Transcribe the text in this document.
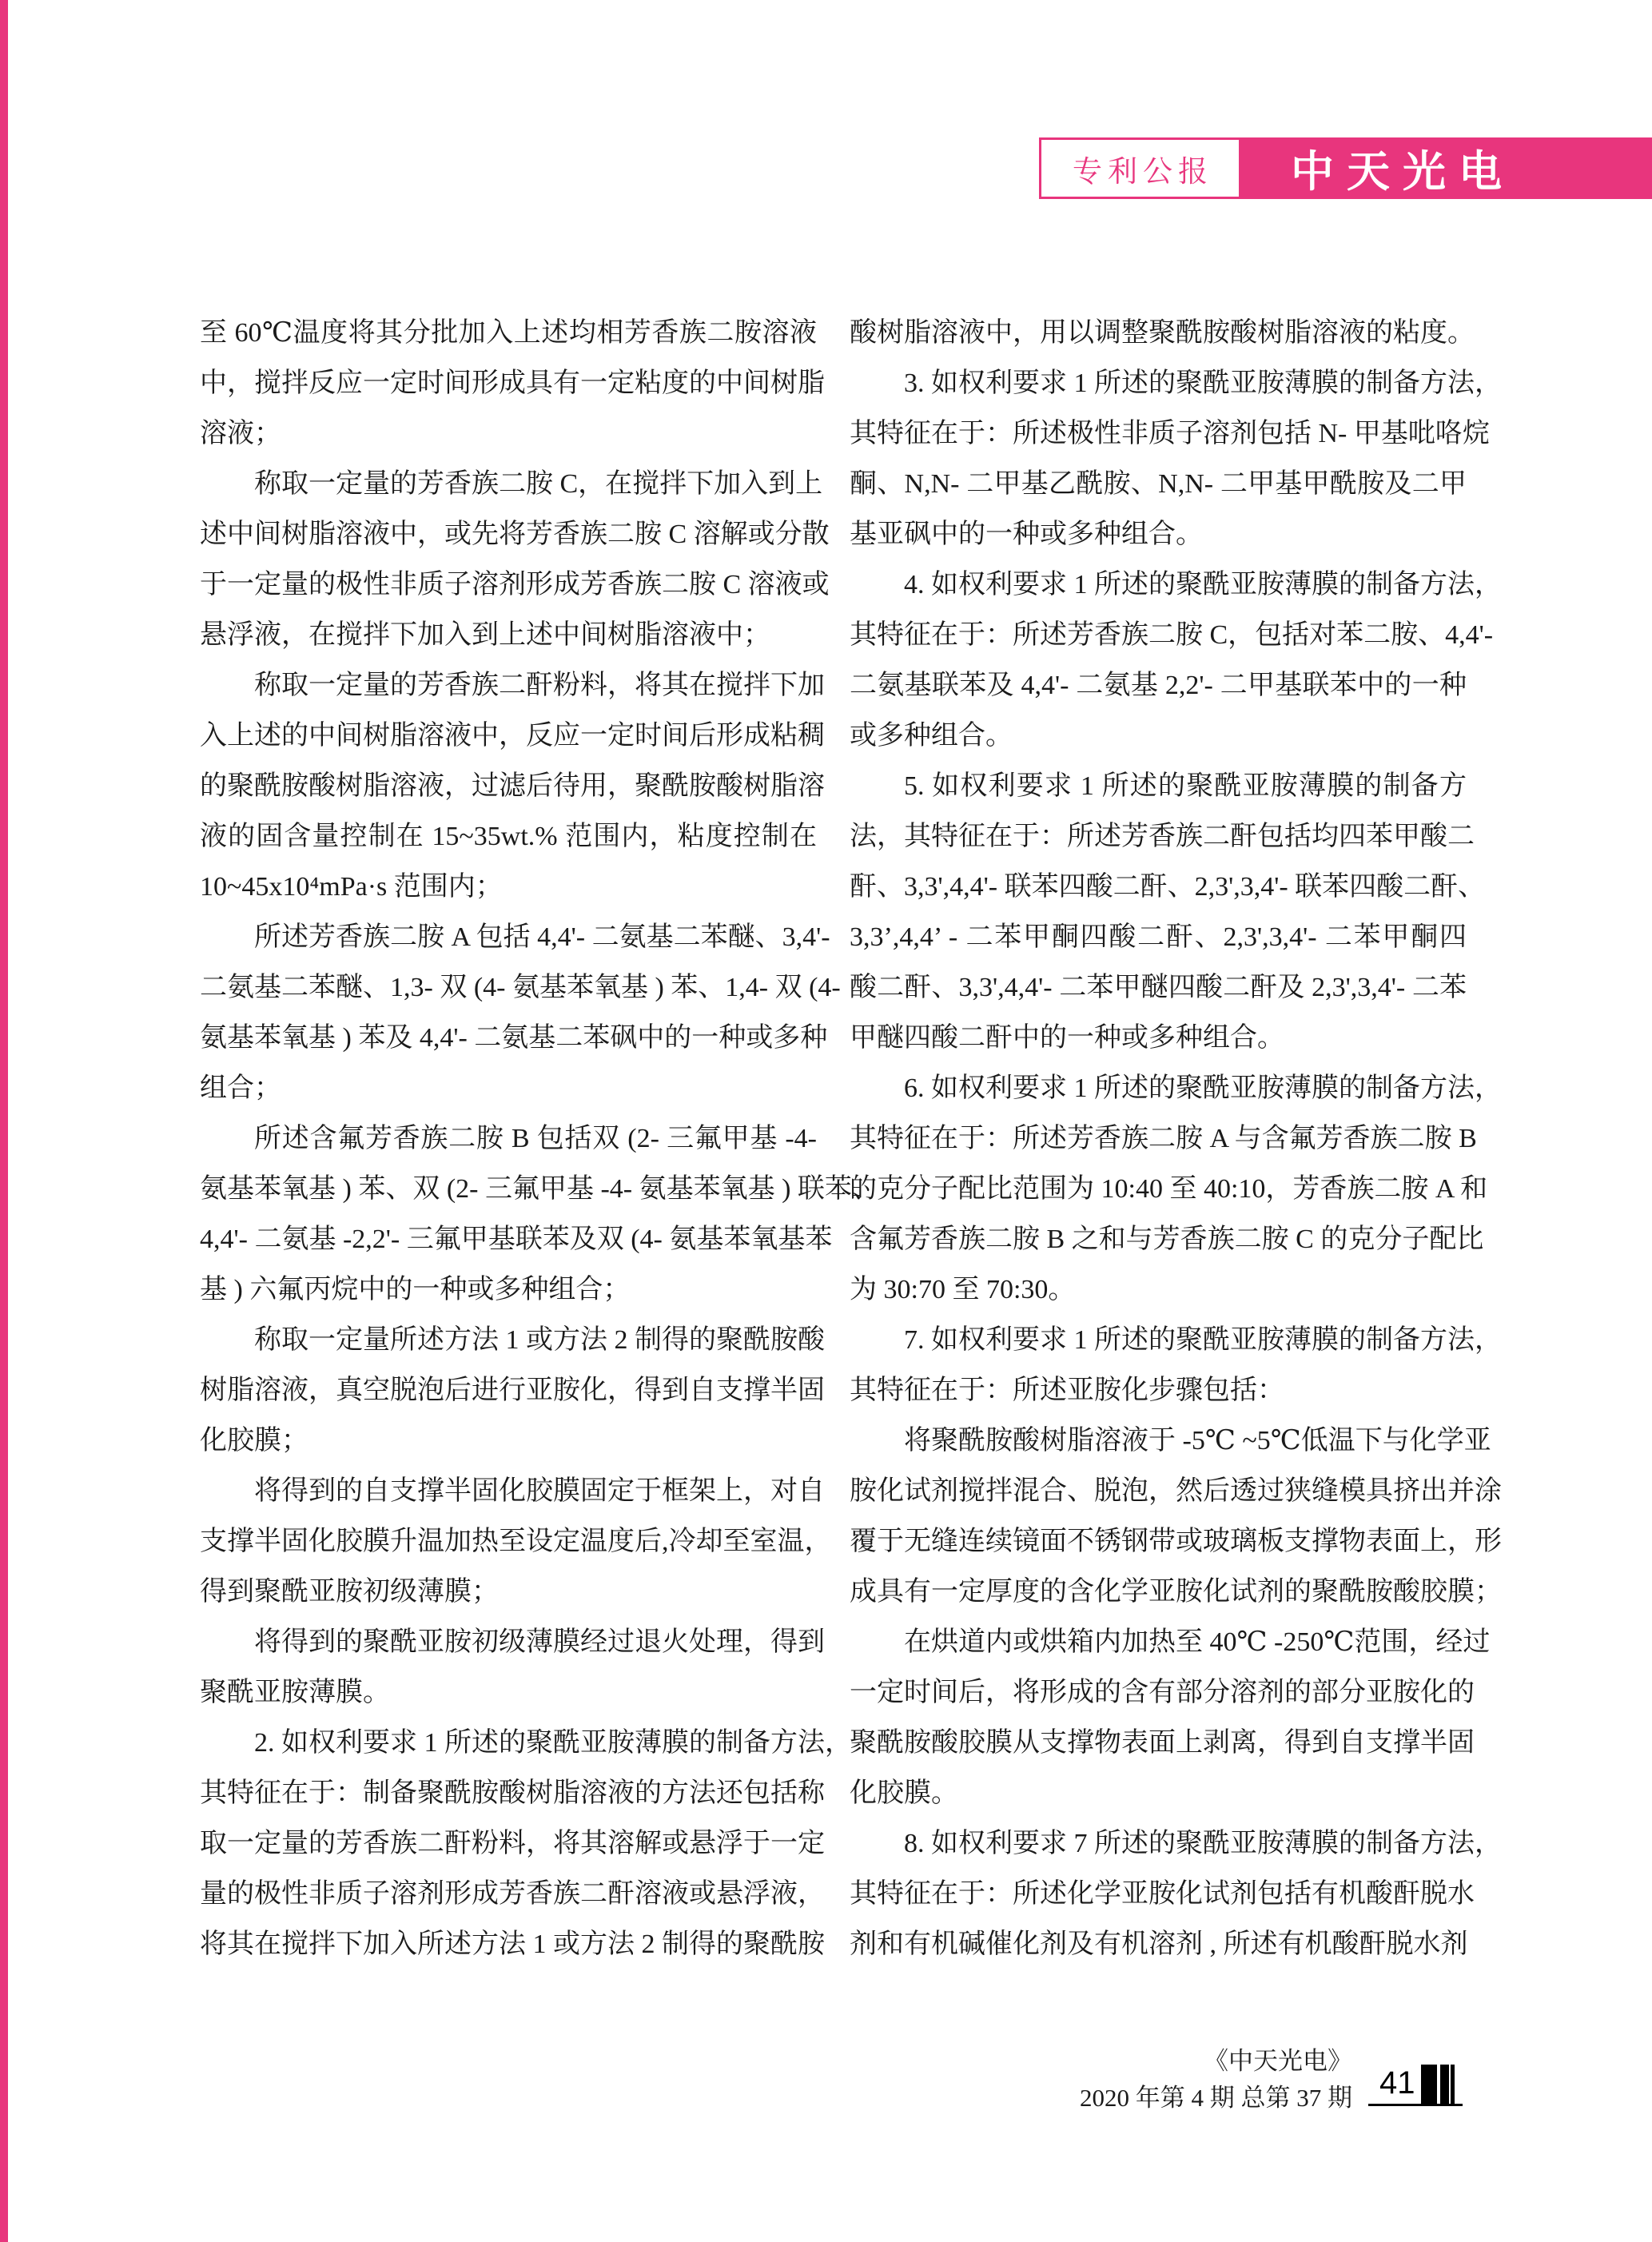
专利公报	中天光电
至 60℃温度将其分批加入上述均相芳香族二胺溶液
中，搅拌反应一定时间形成具有一定粘度的中间树脂
溶液；
称取一定量的芳香族二胺 C，在搅拌下加入到上
述中间树脂溶液中，或先将芳香族二胺 C 溶解或分散
于一定量的极性非质子溶剂形成芳香族二胺 C 溶液或
悬浮液，在搅拌下加入到上述中间树脂溶液中；
称取一定量的芳香族二酐粉料，将其在搅拌下加
入上述的中间树脂溶液中，反应一定时间后形成粘稠
的聚酰胺酸树脂溶液，过滤后待用，聚酰胺酸树脂溶
液的固含量控制在 15~35wt.% 范围内，粘度控制在
10~45x10⁴mPa·s 范围内；
所述芳香族二胺 A 包括 4,4'- 二氨基二苯醚、3,4'-
二氨基二苯醚、1,3- 双 (4- 氨基苯氧基 ) 苯、1,4- 双 (4-
氨基苯氧基 ) 苯及 4,4'- 二氨基二苯砜中的一种或多种
组合；
所述含氟芳香族二胺 B 包括双 (2- 三氟甲基 -4-
氨基苯氧基 ) 苯、双 (2- 三氟甲基 -4- 氨基苯氧基 ) 联苯、
4,4'- 二氨基 -2,2'- 三氟甲基联苯及双 (4- 氨基苯氧基苯
基 ) 六氟丙烷中的一种或多种组合；
称取一定量所述方法 1 或方法 2 制得的聚酰胺酸
树脂溶液，真空脱泡后进行亚胺化，得到自支撑半固
化胶膜；
将得到的自支撑半固化胶膜固定于框架上，对自
支撑半固化胶膜升温加热至设定温度后,冷却至室温，
得到聚酰亚胺初级薄膜；
将得到的聚酰亚胺初级薄膜经过退火处理，得到
聚酰亚胺薄膜。
2. 如权利要求 1 所述的聚酰亚胺薄膜的制备方法，
其特征在于：制备聚酰胺酸树脂溶液的方法还包括称
取一定量的芳香族二酐粉料，将其溶解或悬浮于一定
量的极性非质子溶剂形成芳香族二酐溶液或悬浮液，
将其在搅拌下加入所述方法 1 或方法 2 制得的聚酰胺
酸树脂溶液中，用以调整聚酰胺酸树脂溶液的粘度。
3. 如权利要求 1 所述的聚酰亚胺薄膜的制备方法，
其特征在于：所述极性非质子溶剂包括 N- 甲基吡咯烷
酮、N,N- 二甲基乙酰胺、N,N- 二甲基甲酰胺及二甲
基亚砜中的一种或多种组合。
4. 如权利要求 1 所述的聚酰亚胺薄膜的制备方法，
其特征在于：所述芳香族二胺 C，包括对苯二胺、4,4'-
二氨基联苯及 4,4'- 二氨基 2,2'- 二甲基联苯中的一种
或多种组合。
5. 如权利要求 1 所述的聚酰亚胺薄膜的制备方
法，其特征在于：所述芳香族二酐包括均四苯甲酸二
酐、3,3',4,4'- 联苯四酸二酐、2,3',3,4'- 联苯四酸二酐、
3,3’,4,4’ - 二苯甲酮四酸二酐、2,3',3,4'- 二苯甲酮四
酸二酐、3,3',4,4'- 二苯甲醚四酸二酐及 2,3',3,4'- 二苯
甲醚四酸二酐中的一种或多种组合。
6. 如权利要求 1 所述的聚酰亚胺薄膜的制备方法，
其特征在于：所述芳香族二胺 A 与含氟芳香族二胺 B
的克分子配比范围为 10:40 至 40:10，芳香族二胺 A 和
含氟芳香族二胺 B 之和与芳香族二胺 C 的克分子配比
为 30:70 至 70:30。
7. 如权利要求 1 所述的聚酰亚胺薄膜的制备方法，
其特征在于：所述亚胺化步骤包括：
将聚酰胺酸树脂溶液于 -5℃ ~5℃低温下与化学亚
胺化试剂搅拌混合、脱泡，然后透过狭缝模具挤出并涂
覆于无缝连续镜面不锈钢带或玻璃板支撑物表面上，形
成具有一定厚度的含化学亚胺化试剂的聚酰胺酸胶膜；
在烘道内或烘箱内加热至 40℃ -250℃范围，经过
一定时间后，将形成的含有部分溶剂的部分亚胺化的
聚酰胺酸胶膜从支撑物表面上剥离，得到自支撑半固
化胶膜。
8. 如权利要求 7 所述的聚酰亚胺薄膜的制备方法，
其特征在于：所述化学亚胺化试剂包括有机酸酐脱水
剂和有机碱催化剂及有机溶剂 , 所述有机酸酐脱水剂
《中天光电》
2020 年第 4 期 总第 37 期 41
